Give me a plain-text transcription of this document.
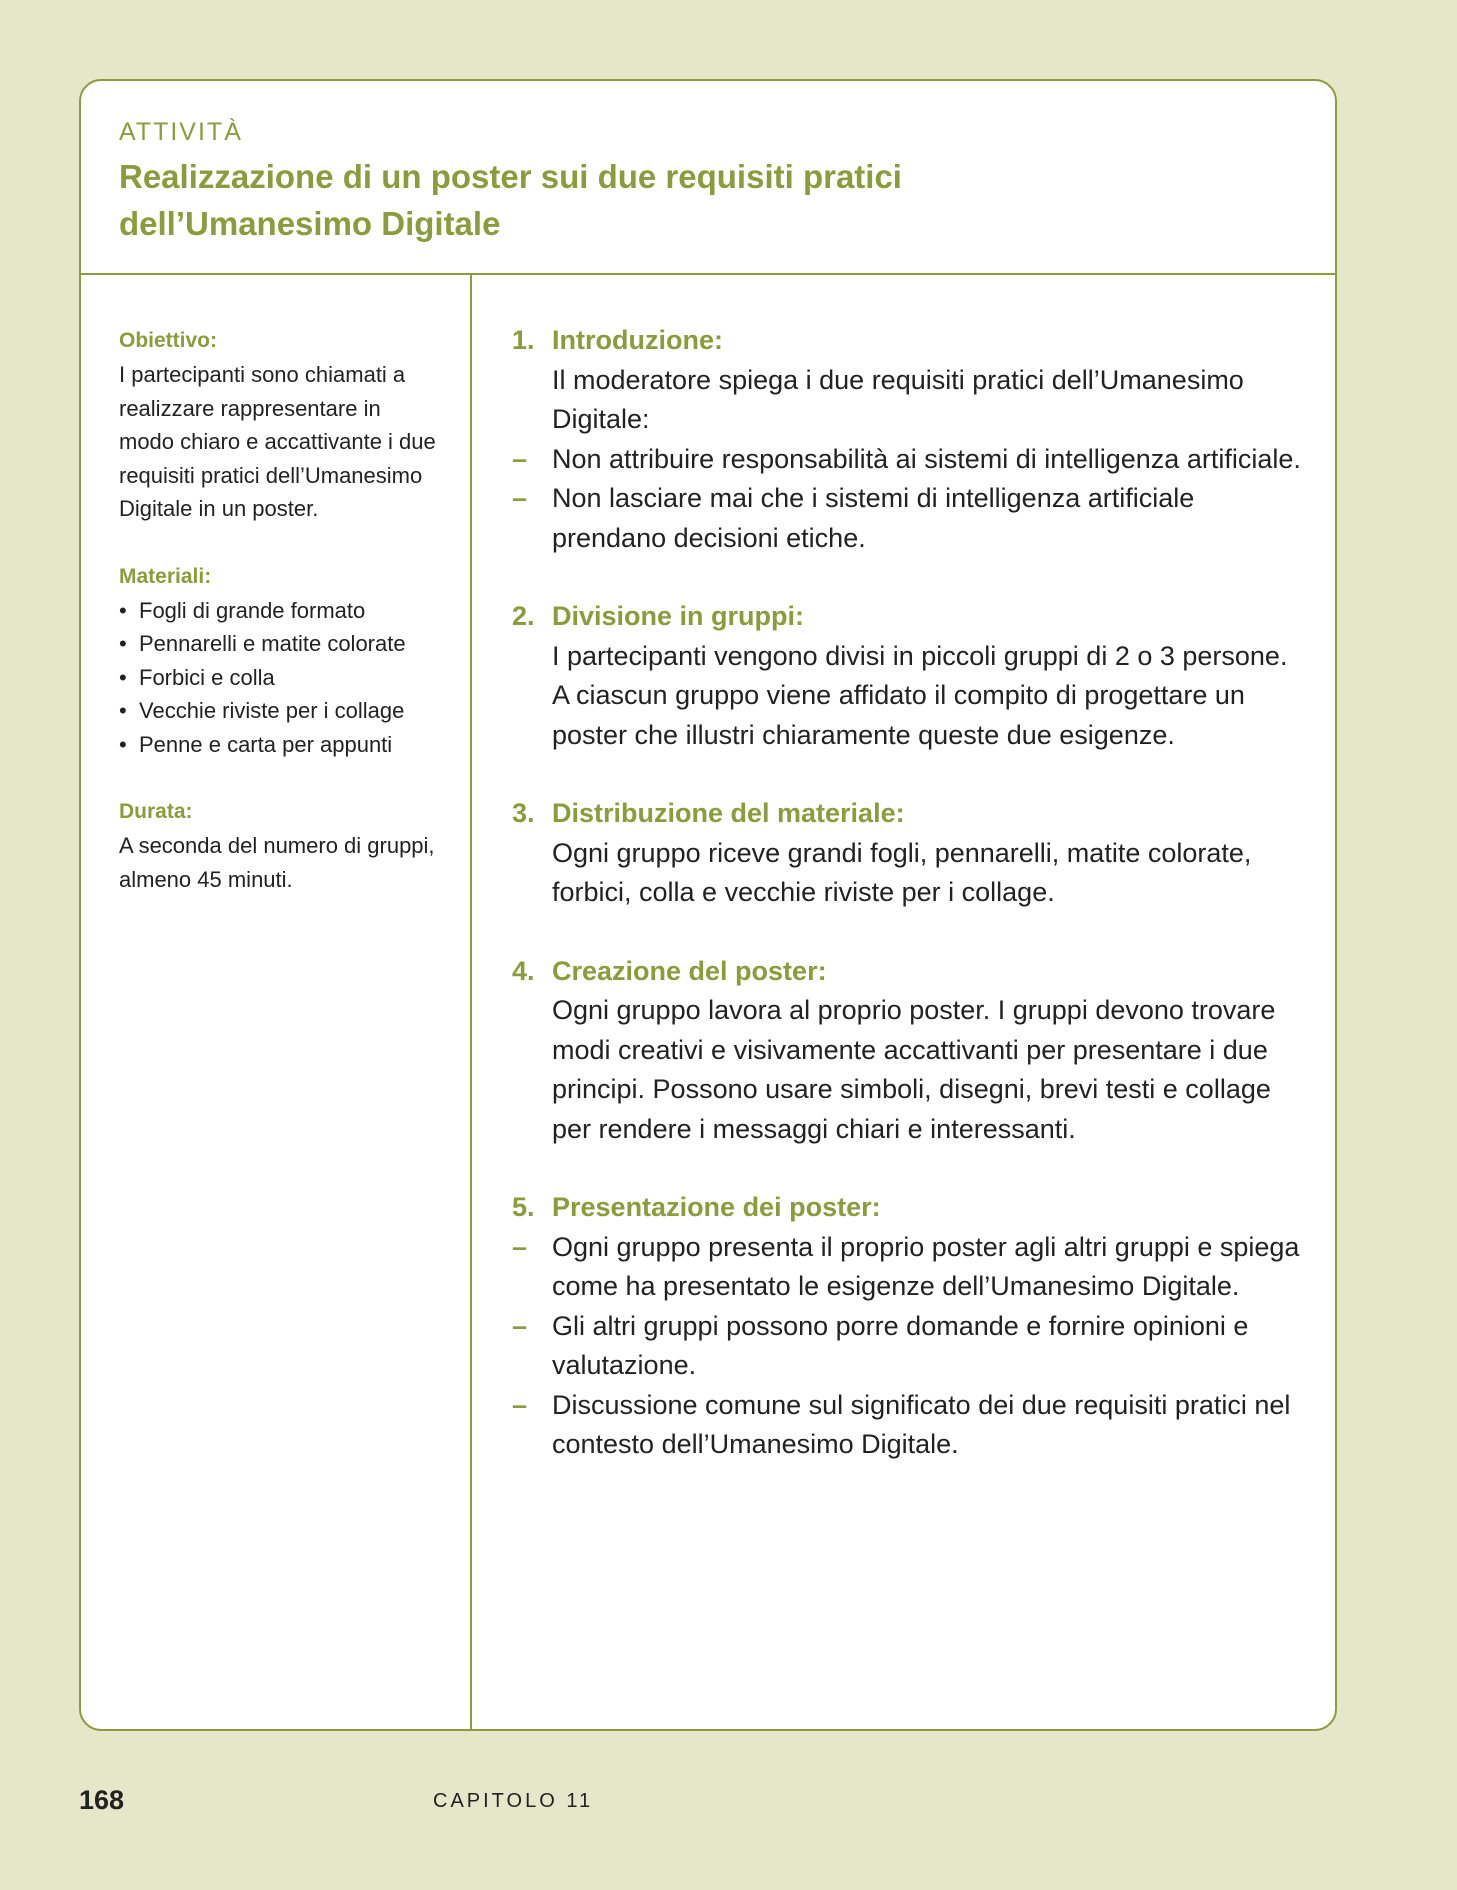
ATTIVITÀ
Realizzazione di un poster sui due requisiti pratici dell’Umanesimo Digitale
Obiettivo:
I partecipanti sono chiamati a realizzare rappresentare in modo chiaro e accattivante i due requisiti pratici dell’Umanesimo Digitale in un poster.
Materiali:
• Fogli di grande formato
• Pennarelli e matite colorate
• Forbici e colla
• Vecchie riviste per i collage
• Penne e carta per appunti
Durata:
A seconda del numero di gruppi, almeno 45 minuti.
1. Introduzione:
Il moderatore spiega i due requisiti pratici dell’Umanesimo Digitale:
– Non attribuire responsabilità ai sistemi di intelligenza artificiale.
– Non lasciare mai che i sistemi di intelligenza artificiale prendano decisioni etiche.
2. Divisione in gruppi:
I partecipanti vengono divisi in piccoli gruppi di 2 o 3 persone. A ciascun gruppo viene affidato il compito di progettare un poster che illustri chiaramente queste due esigenze.
3. Distribuzione del materiale:
Ogni gruppo riceve grandi fogli, pennarelli, matite colorate, forbici, colla e vecchie riviste per i collage.
4. Creazione del poster:
Ogni gruppo lavora al proprio poster. I gruppi devono trovare modi creativi e visivamente accattivanti per presentare i due principi. Possono usare simboli, disegni, brevi testi e collage per rendere i messaggi chiari e interessanti.
5. Presentazione dei poster:
– Ogni gruppo presenta il proprio poster agli altri gruppi e spiega come ha presentato le esigenze dell’Umanesimo Digitale.
– Gli altri gruppi possono porre domande e fornire opinioni e valutazione.
– Discussione comune sul significato dei due requisiti pratici nel contesto dell’Umanesimo Digitale.
168	CAPITOLO 11
